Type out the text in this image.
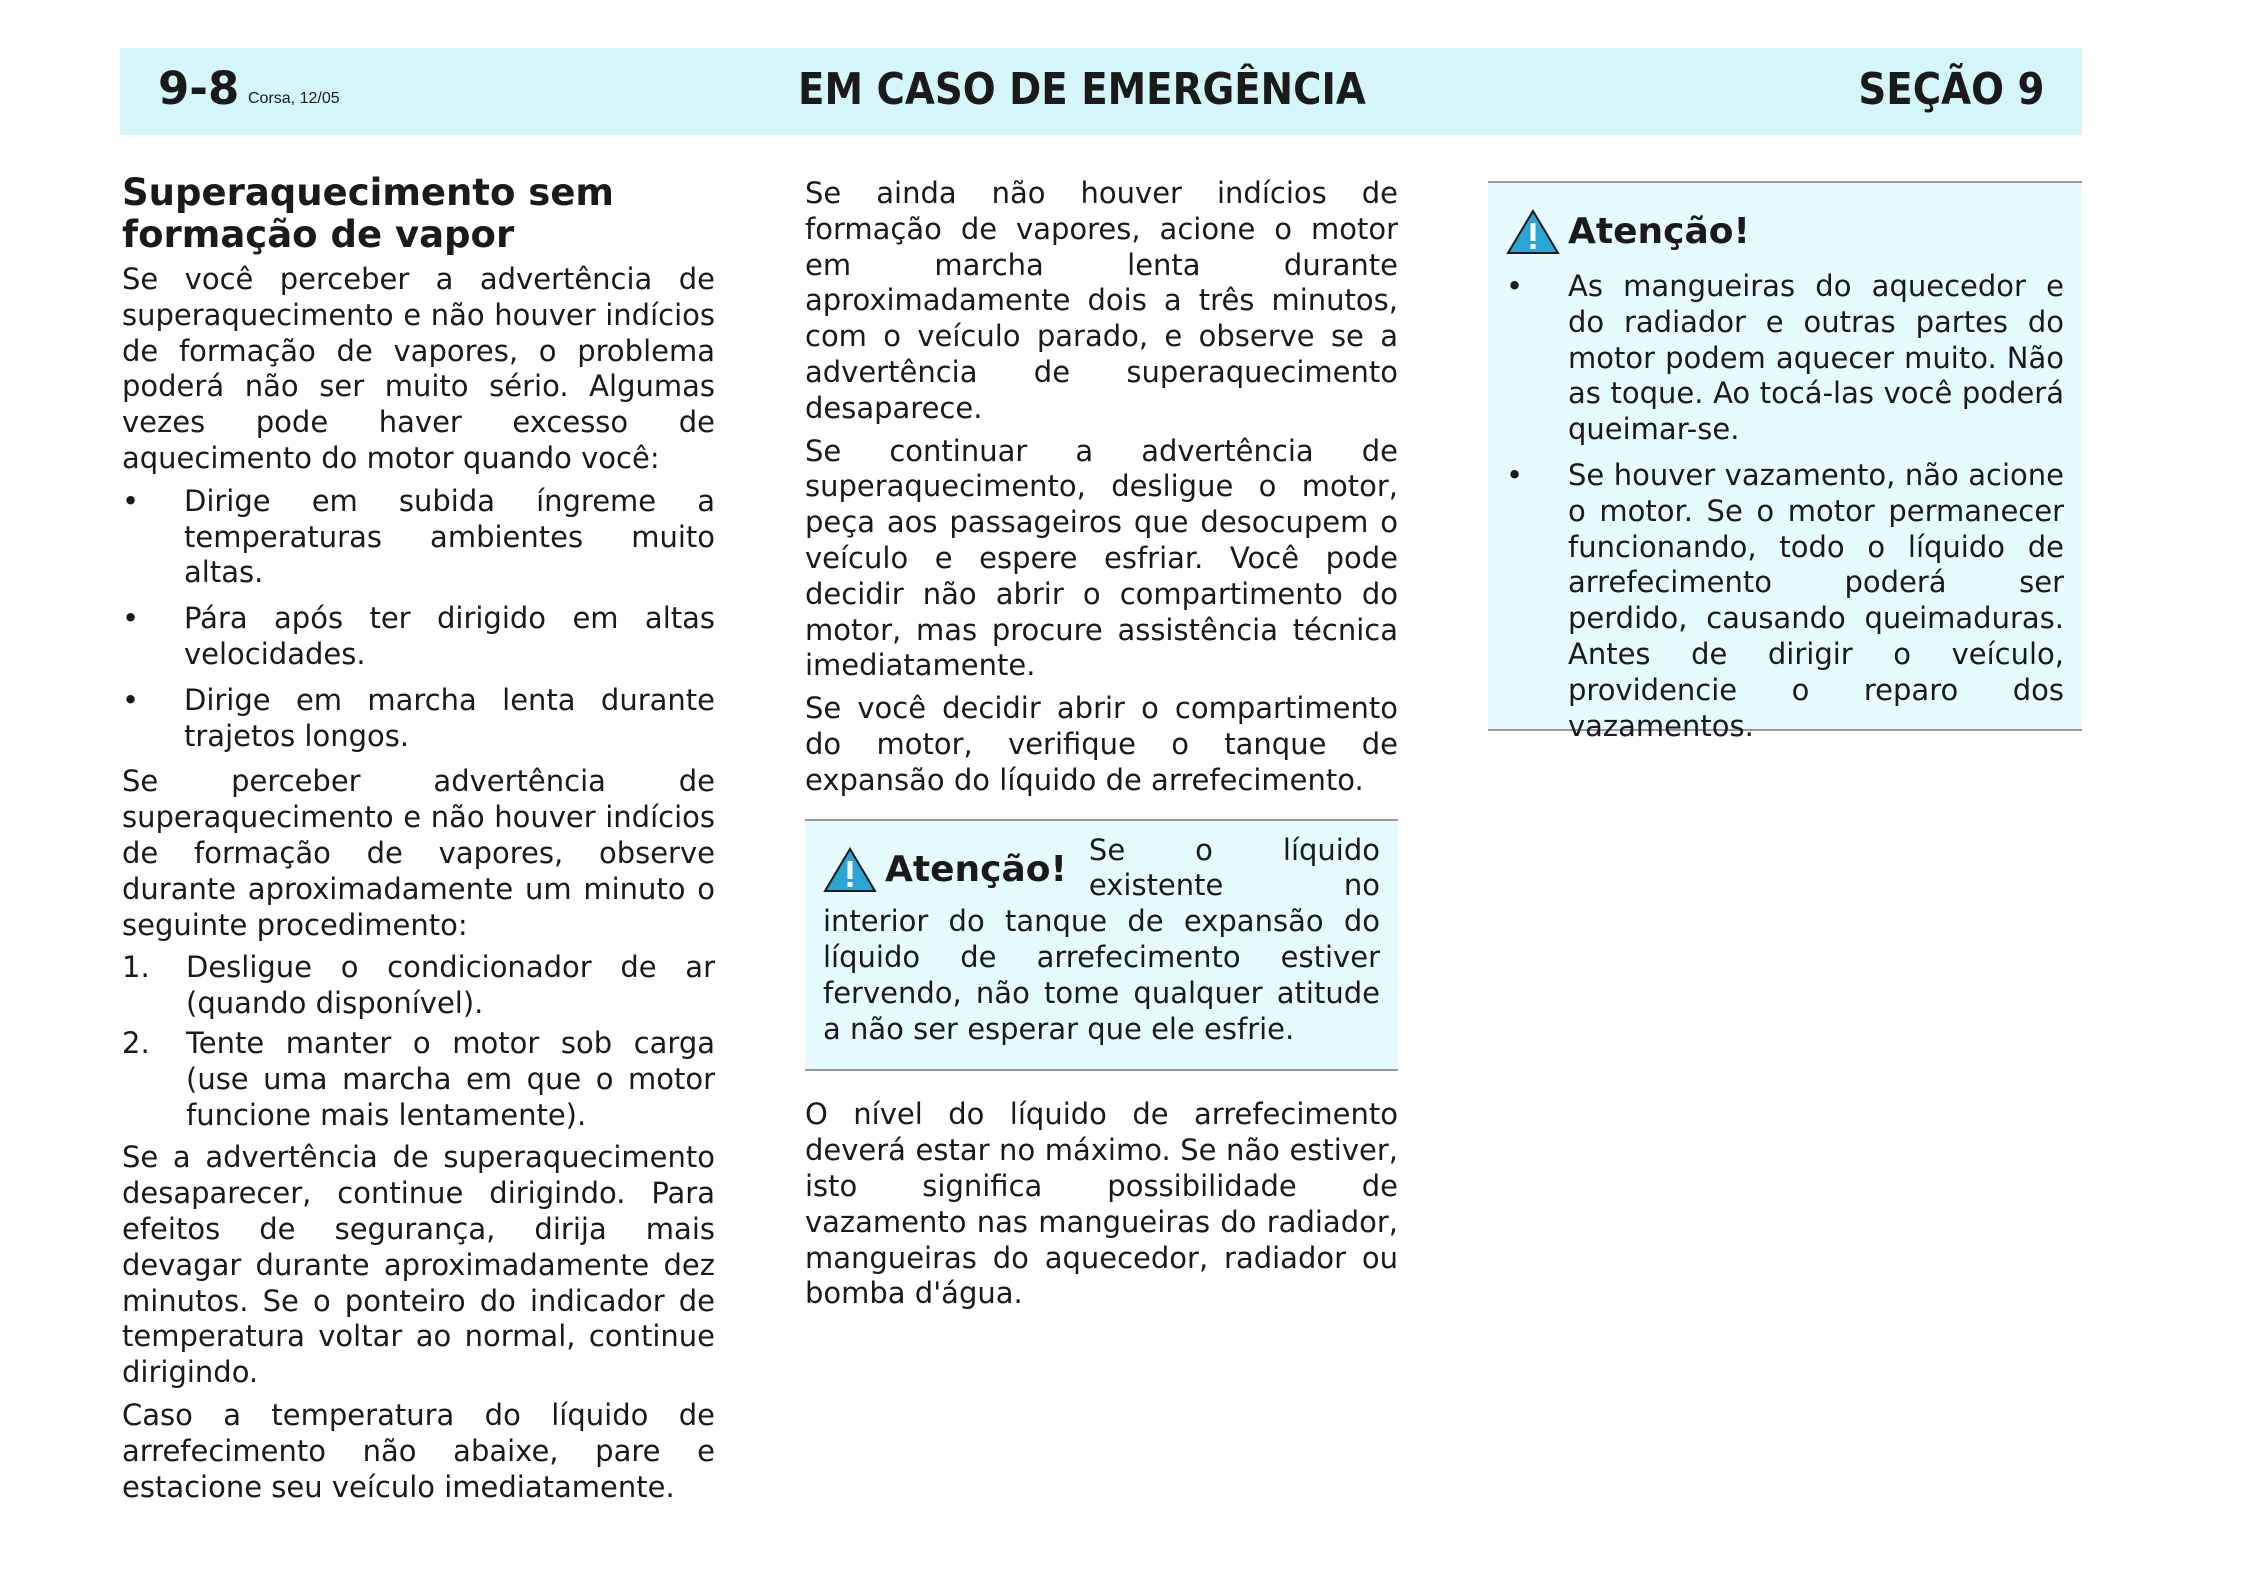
9-8 Corsa, 12/05	EM CASO DE EMERGÊNCIA	SEÇÃO 9
Superaquecimento sem
formação de vapor

Se você perceber a advertência de superaquecimento e não houver indícios de formação de vapores, o problema poderá não ser muito sério. Algumas vezes pode haver excesso de aquecimento do motor quando você:

• Dirige em subida íngreme a temperaturas ambientes muito altas.
• Pára após ter dirigido em altas velocidades.
• Dirige em marcha lenta durante trajetos longos.

Se perceber advertência de superaquecimento e não houver indícios de formação de vapores, observe durante aproximadamente um minuto o seguinte procedimento:

1. Desligue o condicionador de ar (quando disponível).
2. Tente manter o motor sob carga (use uma marcha em que o motor funcione mais lentamente).

Se a advertência de superaquecimento desaparecer, continue dirigindo. Para efeitos de segurança, dirija mais devagar durante aproximadamente dez minutos. Se o ponteiro do indicador de temperatura voltar ao normal, continue dirigindo.

Caso a temperatura do líquido de arrefecimento não abaixe, pare e estacione seu veículo imediatamente.

Se ainda não houver indícios de formação de vapores, acione o motor em marcha lenta durante aproximadamente dois a três minutos, com o veículo parado, e observe se a advertência de superaquecimento desaparece.

Se continuar a advertência de superaquecimento, desligue o motor, peça aos passageiros que desocupem o veículo e espere esfriar. Você pode decidir não abrir o compartimento do motor, mas procure assistência técnica imediatamente.

Se você decidir abrir o compartimento do motor, verifique o tanque de expansão do líquido de arrefecimento.

Atenção! Se o líquido existente no interior do tanque de expansão do líquido de arrefecimento estiver fervendo, não tome qualquer atitude a não ser esperar que ele esfrie.

O nível do líquido de arrefecimento deverá estar no máximo. Se não estiver, isto significa possibilidade de vazamento nas mangueiras do radiador, mangueiras do aquecedor, radiador ou bomba d'água.

Atenção!
• As mangueiras do aquecedor e do radiador e outras partes do motor podem aquecer muito. Não as toque. Ao tocá-las você poderá queimar-se.
• Se houver vazamento, não acione o motor. Se o motor permanecer funcionando, todo o líquido de arrefecimento poderá ser perdido, causando queimaduras. Antes de dirigir o veículo, providencie o reparo dos vazamentos.
